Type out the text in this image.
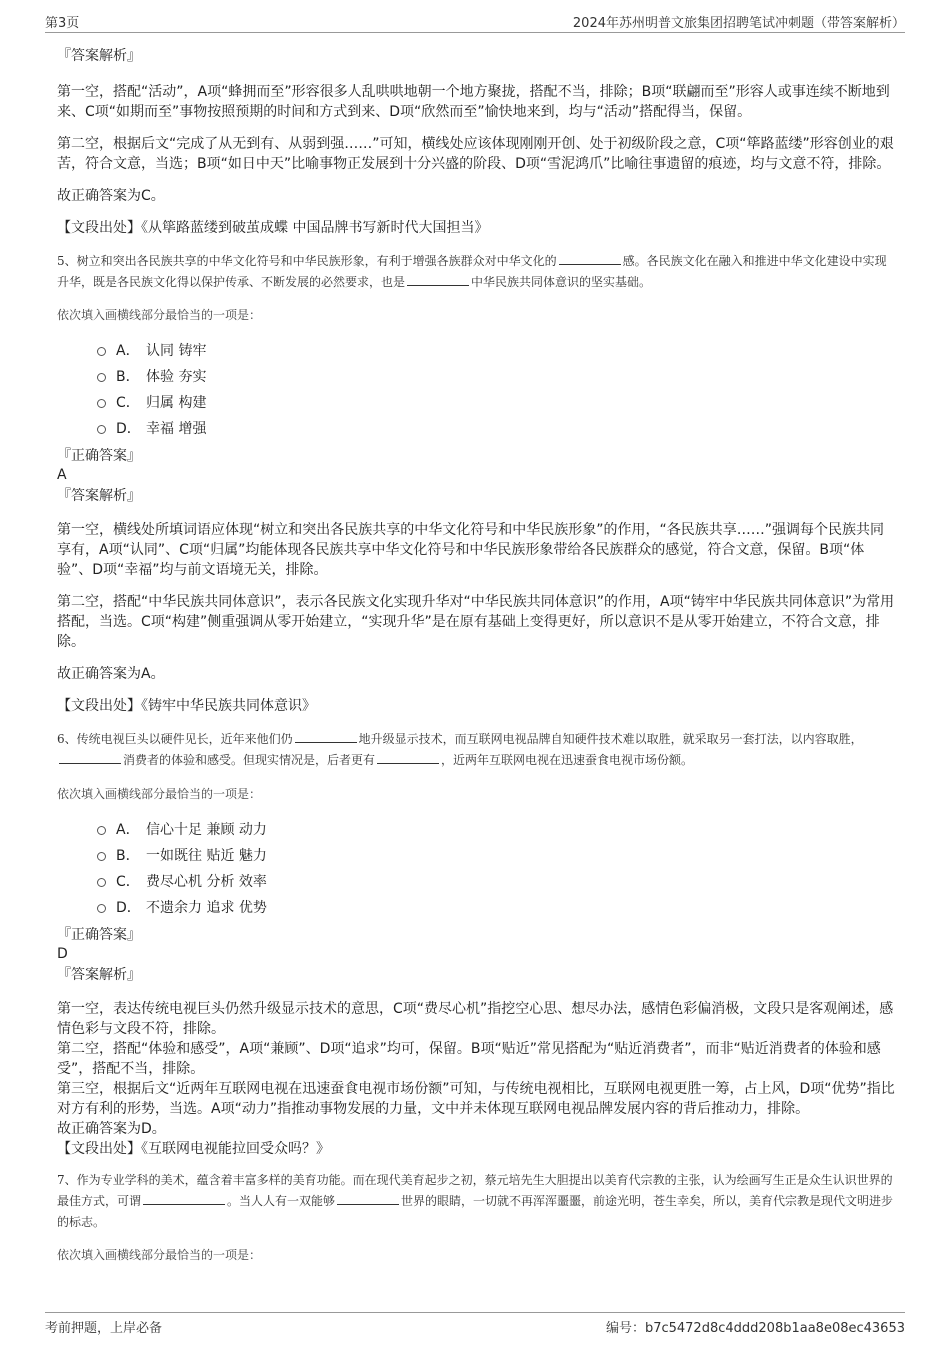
第3页	2024年苏州明普文旅集团招聘笔试冲刺题（带答案解析）

『答案解析』

第一空，搭配“活动”，A项“蜂拥而至”形容很多人乱哄哄地朝一个地方聚拢，搭配不当，排除；B项“联翩而至”形容人或事连续不断地到来、C项“如期而至”事物按照预期的时间和方式到来、D项“欣然而至”愉快地来到，均与“活动”搭配得当，保留。

第二空，根据后文“完成了从无到有、从弱到强……”可知，横线处应该体现刚刚开创、处于初级阶段之意，C项“筚路蓝缕”形容创业的艰苦，符合文意，当选；B项“如日中天”比喻事物正发展到十分兴盛的阶段、D项“雪泥鸿爪”比喻往事遗留的痕迹，均与文意不符，排除。

故正确答案为C。

【文段出处】《从筚路蓝缕到破茧成蝶 中国品牌书写新时代大国担当》

5、树立和突出各民族共享的中华文化符号和中华民族形象，有利于增强各族群众对中华文化的	感。各民族文化在融入和推进中华文化建设中实现升华，既是各民族文化得以保护传承、不断发展的必然要求，也是	中华民族共同体意识的坚实基础。

依次填入画横线部分最恰当的一项是：

A． 认同 铸牢
B． 体验 夯实
C． 归属 构建
D． 幸福 增强

『正确答案』

A

『答案解析』

第一空，横线处所填词语应体现“树立和突出各民族共享的中华文化符号和中华民族形象”的作用，“各民族共享……”强调每个民族共同享有，A项“认同”、C项“归属”均能体现各民族共享中华文化符号和中华民族形象带给各民族群众的感觉，符合文意，保留。B项“体验”、D项“幸福”均与前文语境无关，排除。

第二空，搭配“中华民族共同体意识”，表示各民族文化实现升华对“中华民族共同体意识”的作用，A项“铸牢中华民族共同体意识”为常用搭配，当选。C项“构建”侧重强调从零开始建立，“实现升华”是在原有基础上变得更好，所以意识不是从零开始建立，不符合文意，排除。

故正确答案为A。

【文段出处】《铸牢中华民族共同体意识》

6、传统电视巨头以硬件见长，近年来他们仍	地升级显示技术，而互联网电视品牌自知硬件技术难以取胜，就采取另一套打法，以内容取胜，消费者的体验和感受。但现实情况是，后者更有	，近两年互联网电视在迅速蚕食电视市场份额。

依次填入画横线部分最恰当的一项是：

A． 信心十足 兼顾 动力
B． 一如既往 贴近 魅力
C． 费尽心机 分析 效率
D． 不遗余力 追求 优势

『正确答案』

D

『答案解析』

第一空，表达传统电视巨头仍然升级显示技术的意思，C项“费尽心机”指挖空心思、想尽办法，感情色彩偏消极，文段只是客观阐述，感情色彩与文段不符，排除。

第二空，搭配“体验和感受”，A项“兼顾”、D项“追求”均可，保留。B项“贴近”常见搭配为“贴近消费者”，而非“贴近消费者的体验和感受”，搭配不当，排除。

第三空，根据后文“近两年互联网电视在迅速蚕食电视市场份额”可知，与传统电视相比，互联网电视更胜一筹，占上风，D项“优势”指比对方有利的形势，当选。A项“动力”指推动事物发展的力量，文中并未体现互联网电视品牌发展内容的背后推动力，排除。

故正确答案为D。

【文段出处】《互联网电视能拉回受众吗？》

7、作为专业学科的美术，蕴含着丰富多样的美育功能。而在现代美育起步之初，蔡元培先生大胆提出以美育代宗教的主张，认为绘画写生正是众生认识世界的最佳方式，可谓	。当人人有一双能够	世界的眼睛，一切就不再浑浑噩噩，前途光明，苍生幸矣，所以，美育代宗教是现代文明进步的标志。

依次填入画横线部分最恰当的一项是：

考前押题，上岸必备	编号：b7c5472d8c4ddd208b1aa8e08ec43653
